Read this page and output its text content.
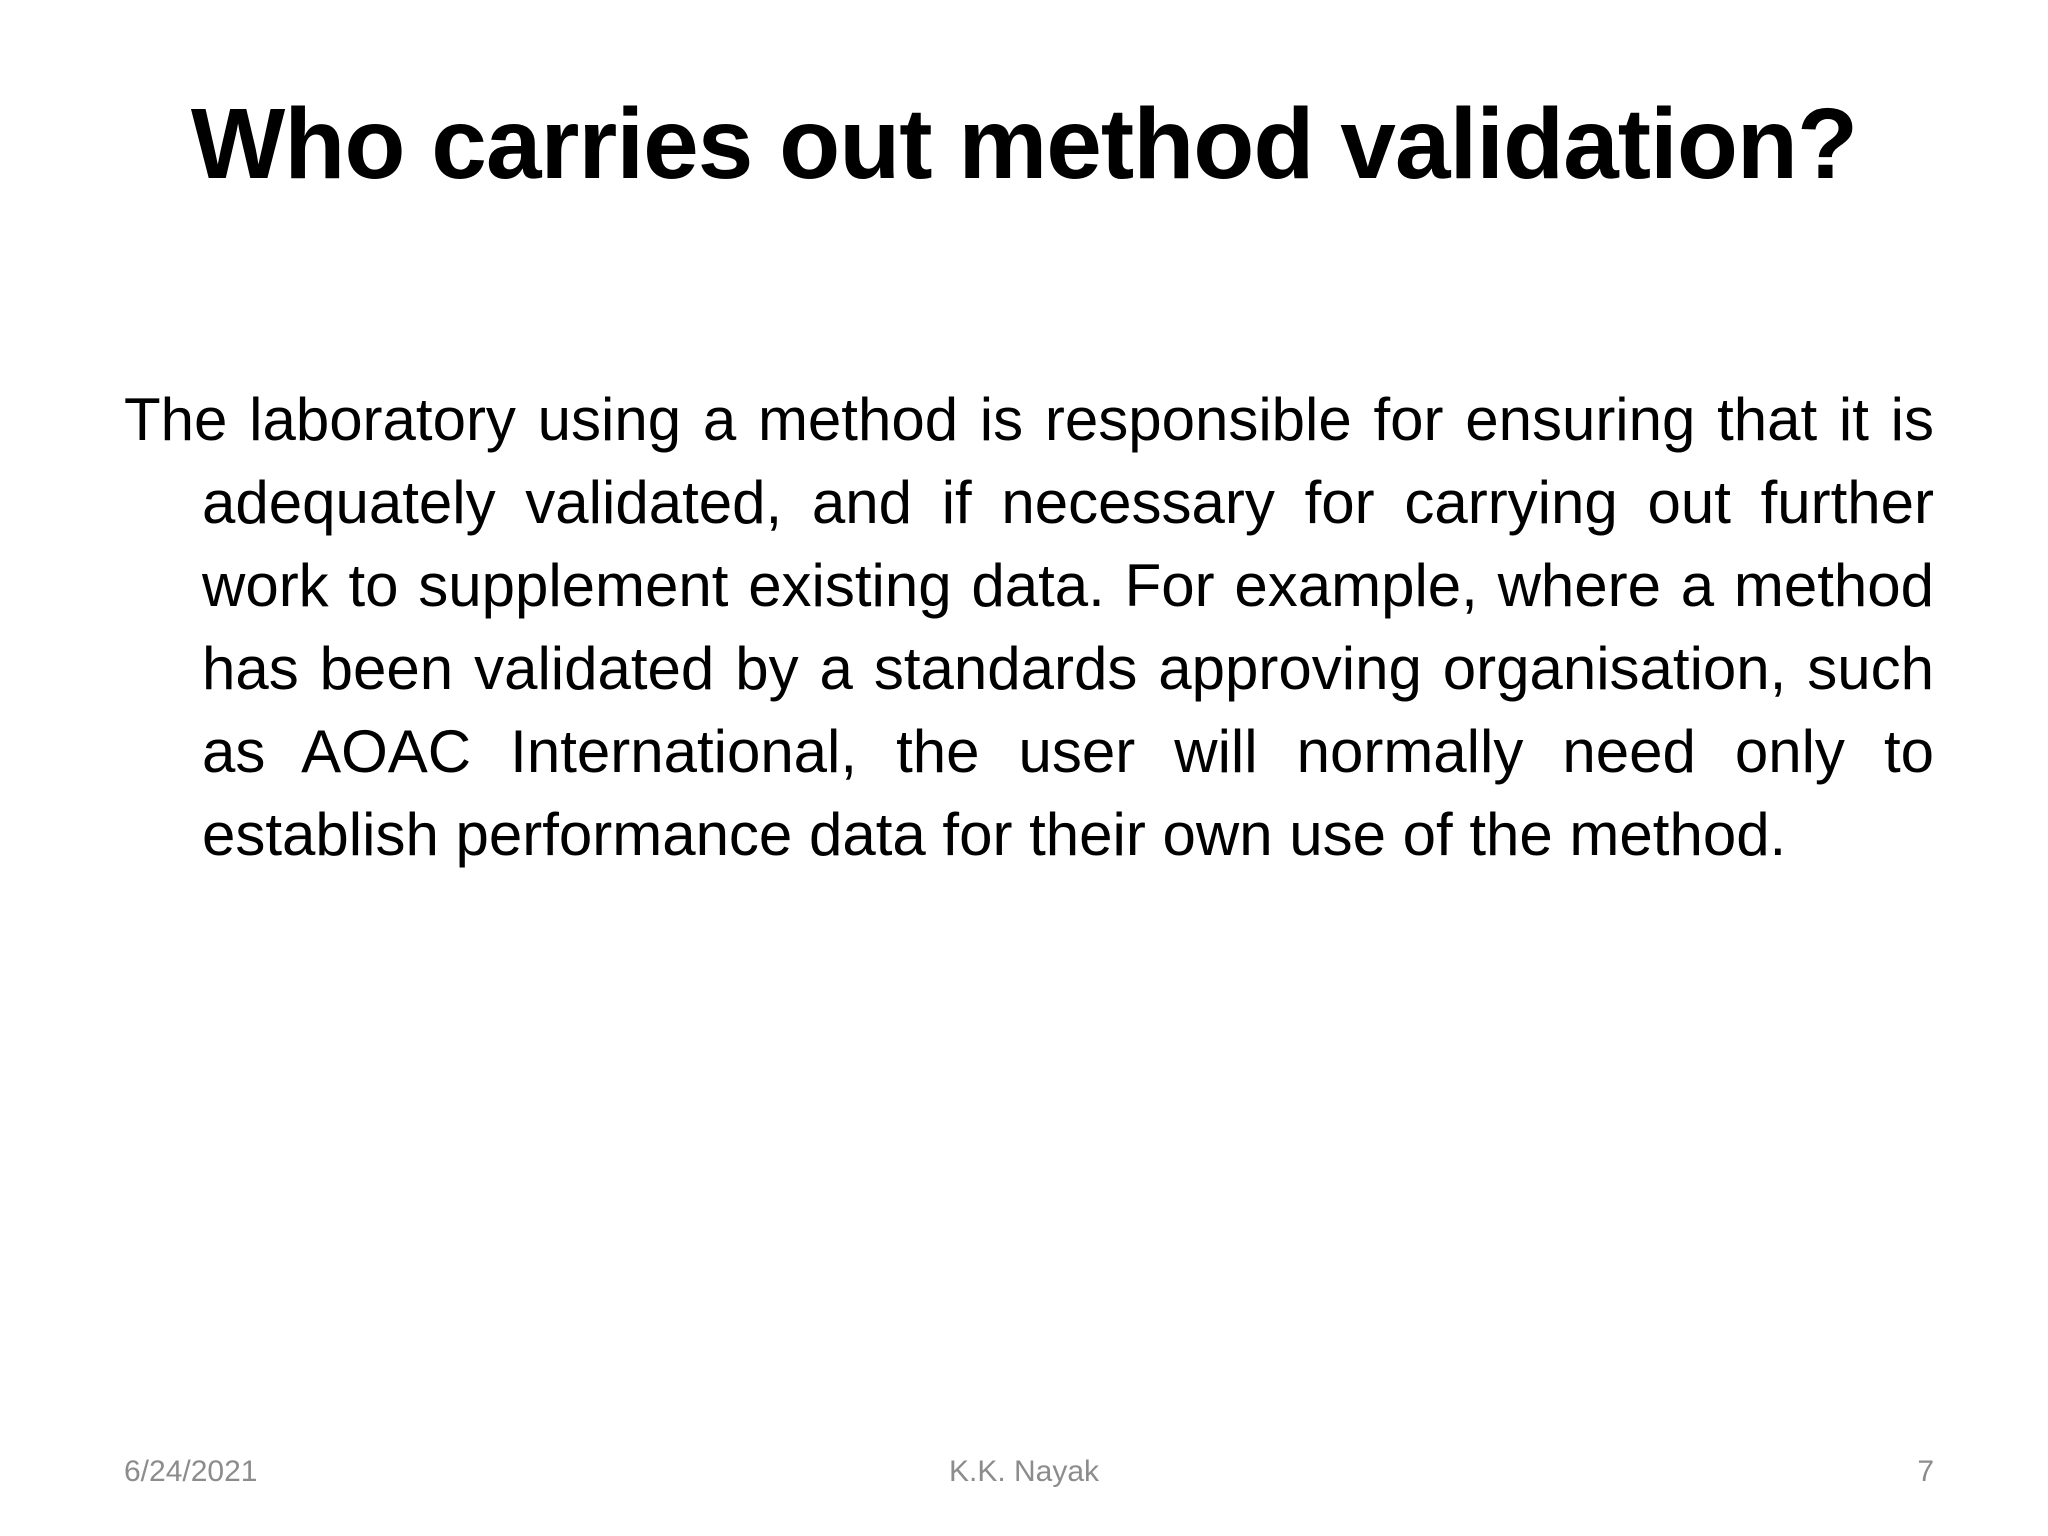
Who carries out method validation?

The laboratory using a method is responsible for ensuring that it is adequately validated, and if necessary for carrying out further work to supplement existing data. For example, where a method has been validated by a standards approving organisation, such as AOAC International, the user will normally need only to establish performance data for their own use of the method.

6/24/2021	K.K. Nayak	7
